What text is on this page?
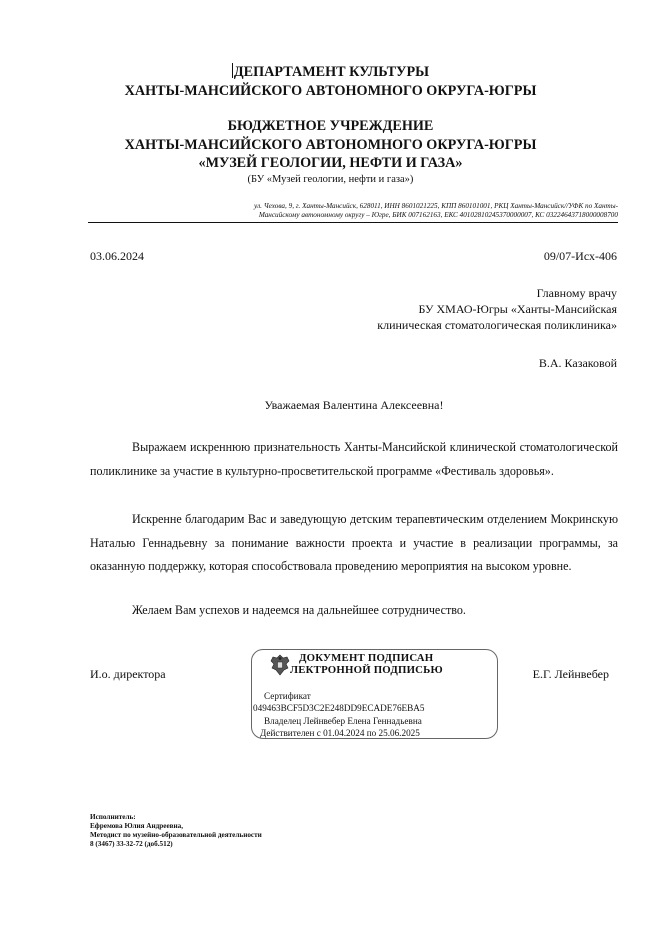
ДЕПАРТАМЕНТ КУЛЬТУРЫ
ХАНТЫ-МАНСИЙСКОГО АВТОНОМНОГО ОКРУГА-ЮГРЫ
БЮДЖЕТНОЕ УЧРЕЖДЕНИЕ
ХАНТЫ-МАНСИЙСКОГО АВТОНОМНОГО ОКРУГА-ЮГРЫ
«МУЗЕЙ ГЕОЛОГИИ, НЕФТИ И ГАЗА»
(БУ «Музей геологии, нефти и газа»)
ул. Чехова, 9, г. Ханты-Мансийск, 628011, ИНН 8601021225, КПП 860101001, РКЦ Ханты-Мансийск//УФК по Ханты-
Мансийскому автономному округу – Югре, БИК 007162163, ЕКС 40102810245370000007, КС 03224643718000008700
03.06.2024	09/07-Исх-406
Главному врачу
БУ ХМАО-Югры «Ханты-Мансийская
клиническая стоматологическая поликлиника»
В.А. Казаковой
Уважаемая Валентина Алексеевна!
Выражаем искреннюю признательность Ханты-Мансийской клинической стоматологической поликлинике за участие в культурно-просветительской программе «Фестиваль здоровья».
Искренне благодарим Вас и заведующую детским терапевтическим отделением Мокринскую Наталью Геннадьевну за понимание важности проекта и участие в реализации программы, за оказанную поддержку, которая способствовала проведению мероприятия на высоком уровне.
Желаем Вам успехов и надеемся на дальнейшее сотрудничество.
И.о. директора	Е.Г. Лейнвебер
ДОКУМЕНТ ПОДПИСАН
ЛЕКТРОННОЙ ПОДПИСЬЮ
Сертификат
049463BCF5D3C2E248DD9ECADE76EBA5
Владелец Лейнвебер Елена Геннадьевна
Действителен с 01.04.2024 по 25.06.2025
Исполнитель:
Ефремова Юлия Андреевна,
Методист по музейно-образовательной деятельности
8 (3467) 33-32-72 (доб.512)
